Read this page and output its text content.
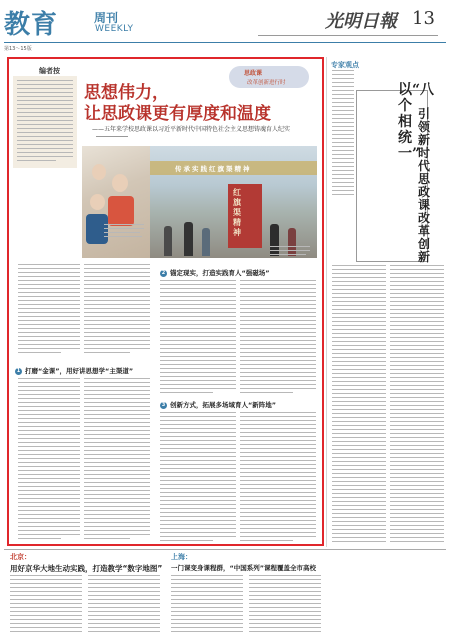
教育	周刊
WEEKLY	光明日報 13
第13～15版
编者按	思政课
改革创新进行时
思想伟力，
让思政课更有厚度和温度
——五年来学校思政课以习近平新时代中国特色社会主义思想铸魂育人纪实
传承实践红旗渠精神
红旗渠精神
2 锚定现实，打造实践育人“强磁场”
1 打磨“金课”，用好讲思想学“主渠道”
3 创新方式，拓展多场域育人“新阵地”
专家观点
以“八个相统一”
引领新时代思政课改革创新
北京：
用好京华大地生动实践，打造教学“数字地图”
上海：
一门课变身课程群，“中国系列”课程覆盖全市高校
